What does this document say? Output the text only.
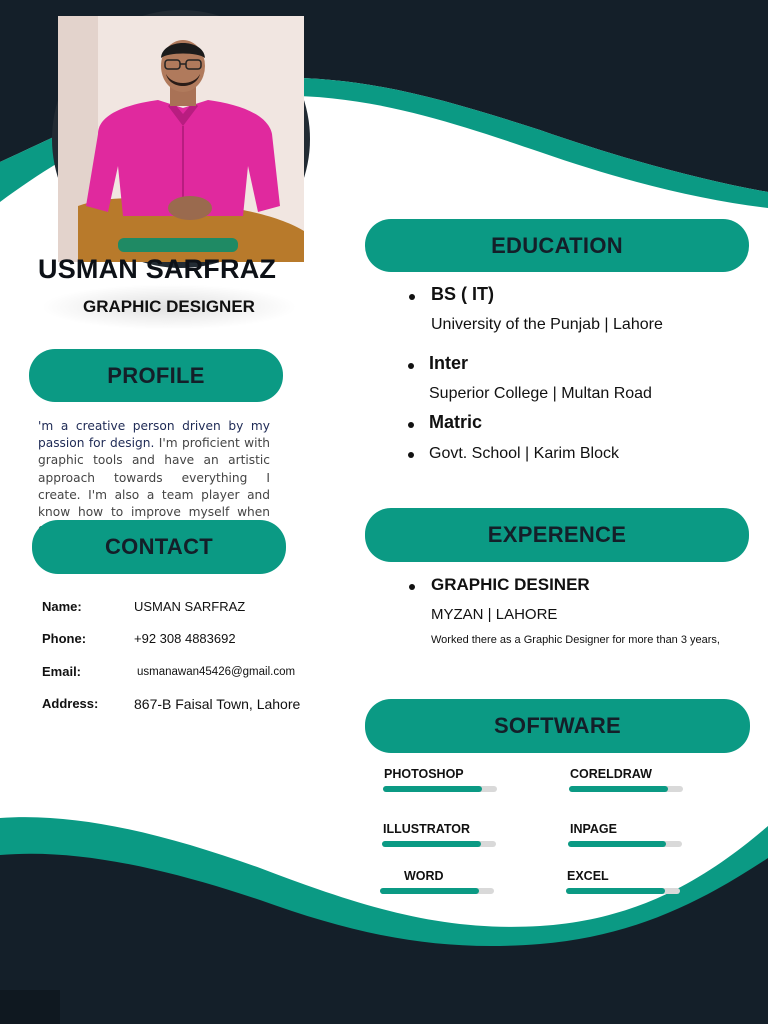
USMAN SARFRAZ
GRAPHIC DESIGNER
PROFILE
'm a creative person driven by my passion for design. I'm proficient with graphic tools and have an artistic approach towards everything I create. I'm also a team player and know how to improve myself when
CONTACT
Name:	USMAN SARFRAZ
Phone:	+92 308 4883692
Email:	usmanawan45426@gmail.com
Address:	867-B Faisal Town, Lahore
EDUCATION
BS ( IT)
University of the Punjab | Lahore
Inter
Superior College | Multan Road
Matric
Govt. School | Karim Block
EXPERENCE
GRAPHIC DESINER
MYZAN | LAHORE
Worked there as a Graphic Designer for more than 3 years,
SOFTWARE
PHOTOSHOP	CORELDRAW
ILLUSTRATOR	INPAGE
WORD	EXCEL
